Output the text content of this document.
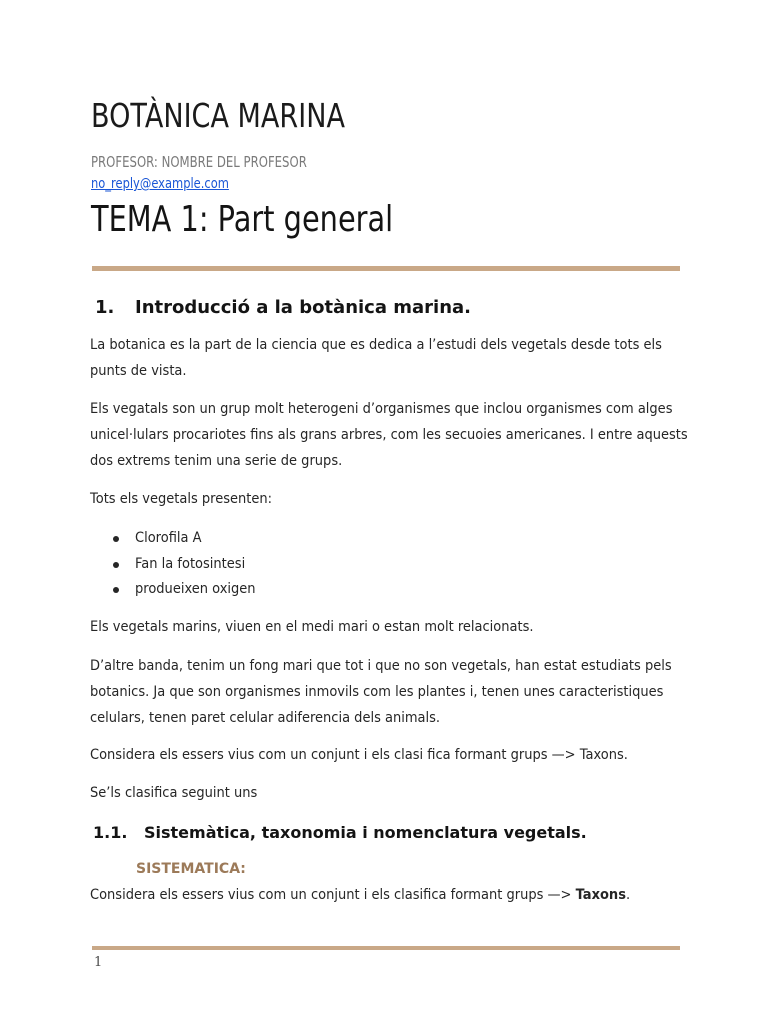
BOTÀNICA MARINA
PROFESOR: NOMBRE DEL PROFESOR
no_reply@example.com
TEMA 1: Part general
1. Introducció a la botànica marina.

La botanica es la part de la ciencia que es dedica a l’estudi dels vegetals desde tots els punts de vista.

Els vegatals son un grup molt heterogeni d’organismes que inclou organismes com alges unicel·lulars procariotes fins als grans arbres, com les secuoies americanes. I entre aquests dos extrems tenim una serie de grups.

Tots els vegetals presenten:

Clorofila A
Fan la fotosintesi
produeixen oxigen

Els vegetals marins, viuen en el medi mari o estan molt relacionats.

D’altre banda, tenim un fong mari que tot i que no son vegetals, han estat estudiats pels botanics. Ja que son organismes inmovils com les plantes i, tenen unes caracteristiques celulars, tenen paret celular adiferencia dels animals.

Considera els essers vius com un conjunt i els clasi fica formant grups —> Taxons.

Se’ls clasifica seguint uns

1.1. Sistemàtica, taxonomia i nomenclatura vegetals.
SISTEMATICA:

Considera els essers vius com un conjunt i els clasifica formant grups —> Taxons.

1
